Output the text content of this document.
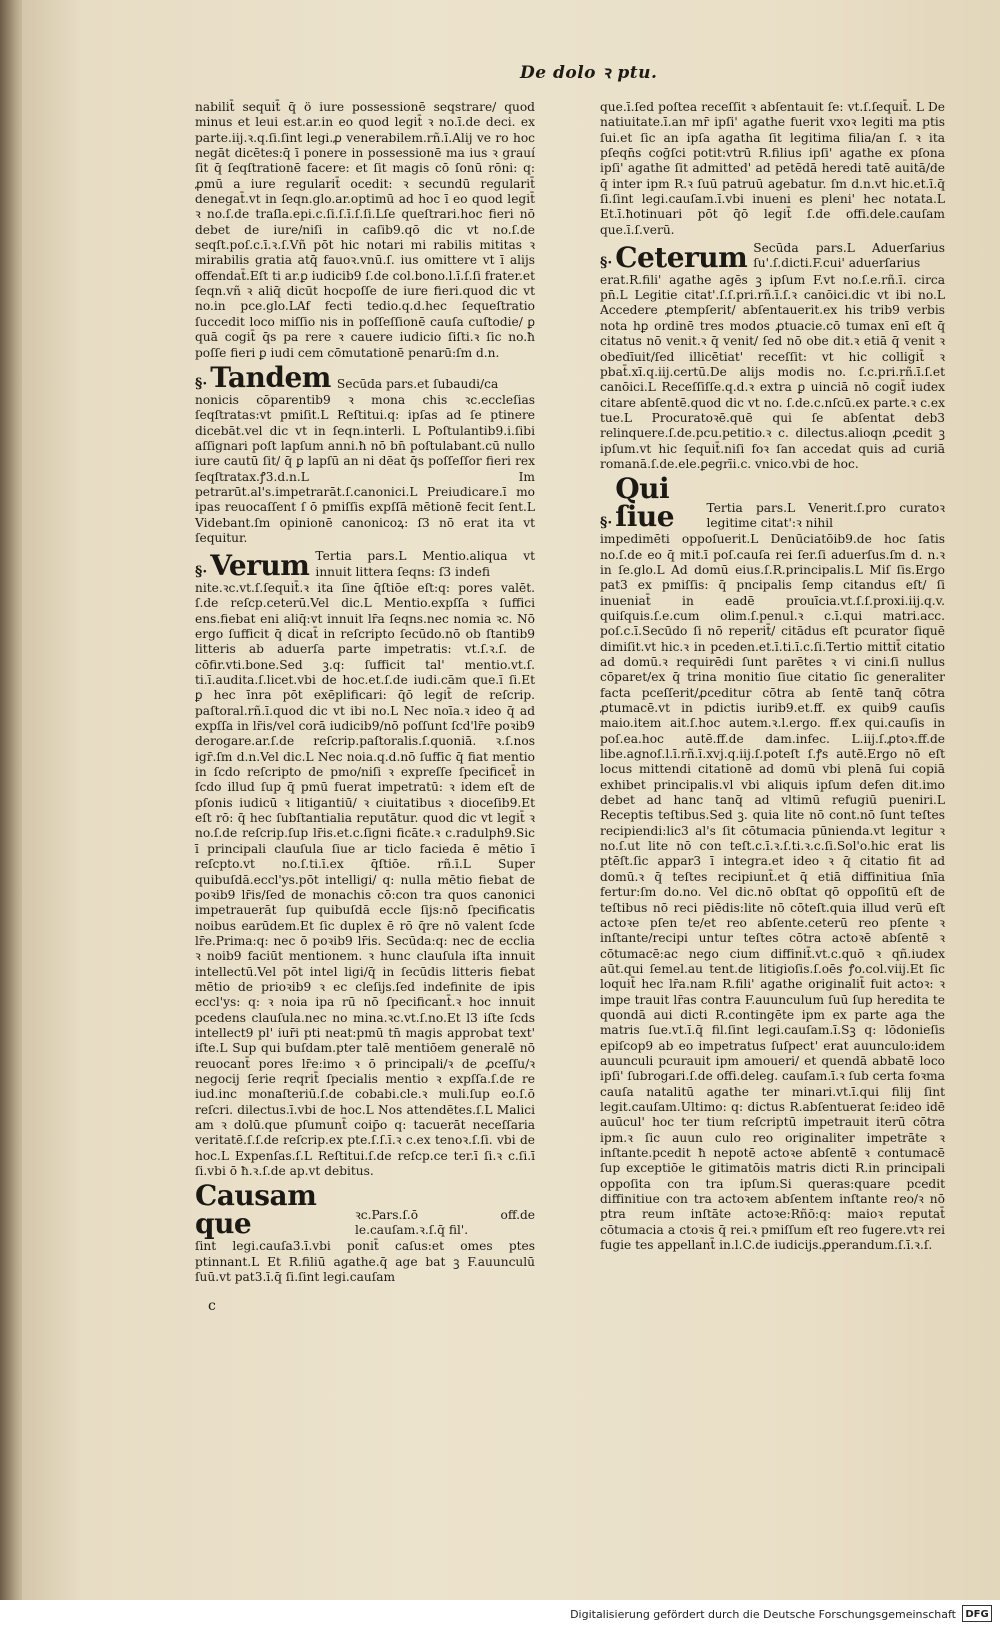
De dolo ꝛ ptu.

nabilit̄ sequit̄ q̄ ö iure possessionē seqstrare/ quod minus et leui est.ar.in eo quod legit̄ ꝛ no.ī.de deci. ex parte.iij.ꝛ.q.ſi.ſint legi.ꝓ venerabilem.rñ.ī.Alij ve ro hoc negāt dicētes:q̄ ī ponere in possessionē ma ius ꝛ grauí ſit q̄ ſeqſtrationē facere: et ſit magis cō ſonū rōni: q: ꝓmū a iure regularit̄ ocedit: ꝛ secundū regularit̄ denegat̄.vt in ſeqn.glo.ar.optimū ad hoc ī eo quod legit̄ ꝛ no.ſ.de traſla.epi.c.ſi.ſ.ī.ſ.ſi.Lſe queſtrari.hoc fieri nō debet de iure/niſi in caſib9.qō dic vt no.ſ.de seqſt.poſ.c.ī.ꝛ.ſ.Vñ pōt hic notari mi rabilis mititas ꝛ mirabilis gratia atq̄ fauoꝛ.vnū.ſ. ius omittere vt ī alijs offendat̄.Eſt ti ar.ꝑ iudicib9 ſ.de col.bono.l.ī.ſ.ſi frater.et ſeqn.vñ ꝛ aliq̄ dicūt hocpoſſe de iure fieri.quod dic vt no.in pce.glo.LAf fecti tedio.q.d.hec ſequeſtratio ſuccedit loco miſſio nis in poſſeſſionē cauſa cuſtodie/ ꝑ quā cogit̄ q̄s pa rere ꝛ cauere iudicio ſiſti.ꝛ ſic no.ħ poſſe fieri ꝑ iudi cem cōmutationē penarū:ſm d.n.

§· Tandem Secūda pars.et ſubaudi/ca

nonicis cōparentib9 ꝛ mona chis ꝛc.eccleſias ſeqſtratas:vt pmiſit.L Reſtitui.q: ipſas ad ſe ptinere dicebāt.vel dic vt in ſeqn.interli. L Poſtulantib9.i.ſibi aſſignari poſt lapſum anni.ħ nō bn̄ poſtulabant.cū nullo iure cautū ſit/ q̄ ꝑ lapſū an ni dēat q̄s poſſeſſor fieri rex ſeqſtratax.ꝭ3.d.n.L Im petrarūt.al's.impetrarāt.ſ.canonici.L Preiudicare.ī mo ipas reuocaſſent ſ ō pmiſſis expſſā mētionē fecit ſent.L Videbant.ſm opinionē canonicoꝝ: ſ3 nō erat ita vt ſequitur.

§· Verum Tertia pars.L Mentio.aliqua vt innuit littera ſeqns: ſ3 indefi

nite.ꝛc.vt.ſ.ſequit̄.ꝛ ita ſine q̄ſtiōe eſt:q: pores valēt. ſ.de reſcp.ceterū.Vel dic.L Mentio.expſſa ꝛ ſuffici ens.fiebat eni aliq̄:vt innuit lr̄a ſeqns.nec nomia ꝛc. Nō ergo ſufficit q̄ dicat̄ in reſcripto ſecūdo.nō ob ſtantib9 litteris ab aduerſa parte impetratis: vt.ſ.ꝛ.ſ. de cōfir.vti.bone.Sed ꝫ.q: ſufficit tal' mentio.vt.ſ. ti.ī.audita.ſ.licet.vbi de hoc.et.ſ.de iudi.cām que.ī ſi.Et ꝑ hec īnra pōt exēplificari: q̄ō legit̄ de reſcrip. paſtoral.rñ.ī.quod dic vt ibi no.L Nec noīa.ꝛ ideo q̄ ad expſſa in lr̄is/vel corā iudicib9/nō poſſunt ſcd'lr̄e poꝛib9 derogare.ar.ſ.de reſcrip.paſtoralis.ſ.quoniā. ꝛ.ſ.nos igr̄.ſm d.n.Vel dic.L Nec noia.q.d.nō ſuffic q̄ fiat mentio in ſcdo reſcripto de pmo/niſi ꝛ expreſſe ſpecificet̄ in ſcdo illud ſup q̄ pmū fuerat impetratū: ꝛ idem eſt de pſonis iudicū ꝛ litigantiū/ ꝛ ciuitatibus ꝛ dioceſib9.Et eſt rō: q̄ hec ſubſtantialia reputātur. quod dic vt legit̄ ꝛ no.ſ.de reſcrip.ſup lr̄is.et.c.ſigni ficāte.ꝛ c.radulph9.Sic ī principali clauſula ſiue ar ticlo facieda ē mētio ī reſcpto.vt no.ſ.ti.ī.ex q̄ſtiōe. rñ.ī.L Super quibuſdā.eccl'ys.pōt intelligi/ q: nulla mētio fiebat de poꝛib9 lr̄is/ſed de monachis cō:con tra quos canonici impetrauerāt ſup quibuſdā eccle ſijs:nō ſpecificatis noibus earūdem.Et ſic duplex ē rō q̄re nō valent ſcde lr̄e.Prima:q: nec ō poꝛib9 lr̄is. Secūda:q: nec de ecclia ꝛ noib9 faciūt mentionem. ꝛ hunc clauſula iſta innuit intellectū.Vel pōt intel ligi/q̄ in ſecūdis litteris fiebat mētio de prioꝛib9 ꝛ ec cleſijs.ſed indefinite de ipis eccl'ys: q: ꝛ noia ipa rū nō ſpecificant̄.ꝛ hoc innuit pcedens clauſula.nec no mina.ꝛc.vt.ſ.no.Et l3 iſte ſcds intellect9 pl' iur̄i pti neat:pmū tn̄ magis approbat text' iſte.L Sup qui buſdam.pter talē mentiōem generalē nō reuocant̄ pores lr̄e:imo ꝛ ō principali/ꝛ de ꝓceſſu/ꝛ negocij ſerie reqrit̄ ſpecialis mentio ꝛ expſſa.ſ.de re iud.inc monaſteriū.ſ.de cobabi.cle.ꝛ muli.ſup eo.ſ.ō reſcri. dilectus.ī.vbi de hoc.L Nos attendētes.ſ.L Malici am ꝛ dolū.que pſumunt̄ coip̄o q: tacuerāt neceſſaria veritatē.ſ.ſ.de reſcrip.ex pte.ſ.ſ.ī.ꝛ c.ex tenoꝛ.ſ.ſi. vbi de hoc.L Expenſas.ſ.L Reſtitui.ſ.de reſcp.ce ter.ī ſi.ꝛ c.ſi.ī ſi.vbi ō ħ.ꝛ.ſ.de ap.vt debitus.

Causam que	ꝛc.Pars.ſ.ō off.de le.cauſam.ꝛ.ſ.q̄ fil'.

ſint legi.cauſa3.ī.vbi ponit̄ caſus:et omes ptes ptinnant.L Et R.filiū agathe.q̄ age bat ꝫ F.auunculū ſuū.vt pat3.ī.q̄ ſi.ſint legi.cauſam

c

que.ī.ſed poſtea receſſit ꝛ abſentauit ſe: vt.ſ.ſequit̄. L De natiuitate.ī.an mr̄ ipſi' agathe fuerit vxoꝛ legiti ma ptis ſui.et ſic an ipſa agatha ſit legitima filia/an ſ. ꝛ ita pſeqn̄s coḡſci potit:vtrū R.filius ipſi' agathe ex pſona ipſi' agathe ſit admitted' ad petēdā heredi tatē auitā/de q̄ inter ipm R.ꝛ ſuū patruū agebatur. ſm d.n.vt hic.et.ī.q̄ ſi.ſint legi.cauſam.ī.vbi inueni es pleni' hec notata.L Et.ī.ħotinuari pōt q̄ō legit̄ ſ.de offi.dele.cauſam que.ī.ſ.verū.

§· Ceterum Secūda pars.L Aduerſarius ſu'.ſ.dicti.F.cui' aduerſarius

erat.R.fili' agathe agēs ꝫ ipſum F.vt no.ſ.e.rñ.ī. circa pn̄.L Legitie citat'.ſ.ſ.pri.rñ.ī.ſ.ꝛ canōici.dic vt ibi no.L Accedere ꝓtempſerit/ abſentauerit.ex his trib9 verbis nota hꝑ ordinē tres modos ꝓtuacie.cō tumax enī eſt q̄ citatus nō venit.ꝛ q̄ venit/ ſed nō obe dit.ꝛ etiā q̄ venit ꝛ obedīuit/ſed illicētiat' receſſit: vt hic colligit̄ ꝛ pbat̄.xī.q.iij.certū.De alijs modis no. ſ.c.pri.rñ.ī.ſ.et canōici.L Receſſiſſe.q.d.ꝛ extra ꝑ uinciā nō cogit̄ iudex citare abſentē.quod dic vt no. ſ.de.c.nſcū.ex parte.ꝛ c.ex tue.L Procuratoꝛē.quē qui ſe abſentat deb3 relinquere.ſ.de.pcu.petitio.ꝛ c. dilectus.alioqn ꝓcedit ꝫ ipſum.vt hic ſequit̄.niſi foꝛ ſan accedat quis ad curiā romanā.ſ.de.ele.ꝑegrīi.c. vnico.vbi de hoc.

§·
Qui ſiue	Tertia pars.L Venerit.ſ.pro curatoꝛ legitime citat':ꝛ nihil

impedimēti oppoſuerit.L Denūciatōib9.de hoc ſatis no.ſ.de eo q̄ mit.ī poſ.cauſa rei ſer.ſi aduerſus.ſm d. n.ꝛ in ſe.glo.L Ad domū eius.ſ.R.principalis.L Miſ ſis.Ergo pat3 ex pmiſſis: q̄ pncipalis ſemp citandus eſt/ ſi inueniat̄ in eadē prouīcia.vt.ſ.ſ.proxi.iij.q.v. quiſquis.ſ.e.cum olim.ſ.penul.ꝛ c.ī.qui matri.acc. poſ.c.ī.Secūdo ſi nō reperit̄/ citādus eſt pcurator ſiquē dimiſit.vt hic.ꝛ in pceden.et.ī.ti.ī.c.ſi.Tertio mittit̄ citatio ad domū.ꝛ requirēdi ſunt parētes ꝛ vi cini.ſi nullus cōparet/ex q̄ trina monitio ſiue citatio ſic generaliter facta pceſſerit/ꝓceditur cōtra ab ſentē tanq̄ cōtra ꝓtumacē.vt in pdictis iurib9.et.ff. ex quib9 cauſis maio.item ait.ſ.hoc autem.ꝛ.l.ergo. ff.ex qui.cauſis in poſ.ea.hoc autē.ff.de dam.infec. L.iij.ſ.ꝓtoꝛ.ff.de libe.agnoſ.l.ī.rñ.ī.xvj.q.iij.ſ.poteſt ſ.ꝭs autē.Ergo nō eſt locus mittendi citationē ad domū vbi plenā ſui copiā exhibet principalis.vl vbi aliquis ipſum defen dit.imo debet ad hanc tanq̄ ad vltimū refugiū pueniri.L Receptis teſtibus.Sed ꝫ. quia lite nō cont.nō ſunt teſtes recipiendi:lic3 al's ſit cōtumacia pūnienda.vt legitur ꝛ no.ſ.ut lite nō con teſt.c.ī.ꝛ.ſ.ti.ꝛ.c.ſi.Sol'o.hic erat lis ptēſt.ſic appar3 ī integra.et ideo ꝛ q̄ citatio fit ad domū.ꝛ q̄ teſtes recipiunt̄.et q̄ etiā diffinitiua ſnīa fertur:ſm do.no. Vel dic.nō obſtat qō oppoſitū eſt de teſtibus nō reci piēdis:lite nō cōteſt.quia illud verū eſt actoꝛe pſen te/et reo abſente.ceterū reo pſente ꝛ inſtante/recipi untur teſtes cōtra actoꝛē abſentē ꝛ cōtumacē:ac nego cium diffinit̄.vt.c.quō ꝛ qñ.iudex aūt.qui ſemel.au tent.de litigioſis.ſ.oēs ꝭo.col.viij.Et ſic loquit̄ hec lr̄a.nam R.fili' agathe originalit̄ fuit actoꝛ: ꝛ impe trauit lr̄as contra F.auunculum ſuū ſup heredita te quondā aui dicti R.contingēte ipm ex parte aga the matris ſue.vt.ī.q̄ fil.ſint legi.cauſam.ī.Sꝫ q: lōdonieſis epiſcop9 ab eo impetratus ſuſpect' erat auunculo:idem auunculi pcurauit ipm amoueri/ et quendā abbatē loco ipſi' ſubrogari.ſ.de offi.deleg. cauſam.ī.ꝛ ſub certa foꝛma cauſa natalitū agathe ter minari.vt.ī.qui filij ſint legit.cauſam.Ultimo: q: dictus R.abſentuerat ſe:ideo idē auūcul' hoc ter tium reſcriptū impetrauit iterū cōtra ipm.ꝛ ſic auun culo reo originaliter impetrāte ꝛ inſtante.pcedit ħ nepotē actoꝛe abſentē ꝛ contumacē ſup exceptiōe le gitimatōis matris dicti R.in principali oppoſita con tra ipſum.Si queras:quare pcedit diffinitiue con tra actoꝛem abſentem inſtante reo/ꝛ nō ptra reum inſtāte actoꝛe:Rñō:q: maioꝛ reputat̄ cōtumacia a ctoꝛis q̄ rei.ꝛ pmiſſum eſt reo fugere.vtꝛ rei fugie tes appellant̄ in.l.C.de iudicijs.ꝓperandum.ſ.ī.ꝛ.ſ.

Digitalisierung gefördert durch die Deutsche Forschungsgemeinschaft DFG
